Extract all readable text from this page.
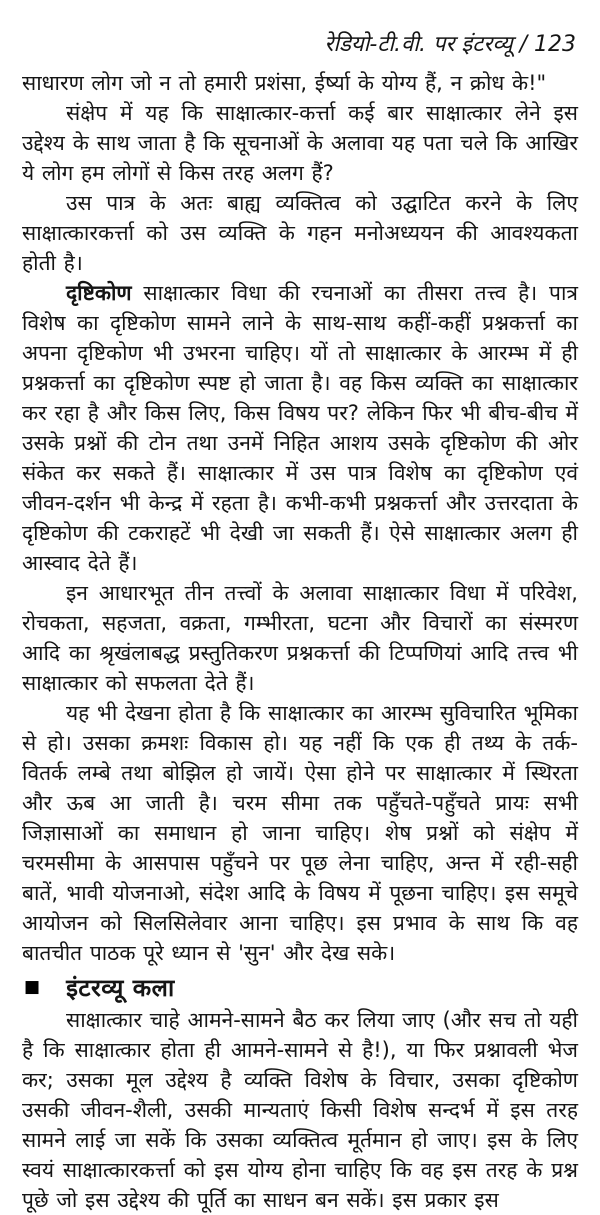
रेडियो-टी.वी. पर इंटरव्यू / 123

साधारण लोग जो न तो हमारी प्रशंसा, ईर्ष्या के योग्य हैं, न क्रोध के!"

संक्षेप में यह कि साक्षात्कार-कर्त्ता कई बार साक्षात्कार लेने इस उद्देश्य के साथ जाता है कि सूचनाओं के अलावा यह पता चले कि आखिर ये लोग हम लोगों से किस तरह अलग हैं?

उस पात्र के अतः बाह्य व्यक्तित्व को उद्घाटित करने के लिए साक्षात्कारकर्त्ता को उस व्यक्ति के गहन मनोअध्ययन की आवश्यकता होती है।

दृष्टिकोण साक्षात्कार विधा की रचनाओं का तीसरा तत्त्व है। पात्र विशेष का दृष्टिकोण सामने लाने के साथ-साथ कहीं-कहीं प्रश्नकर्त्ता का अपना दृष्टिकोण भी उभरना चाहिए। यों तो साक्षात्कार के आरम्भ में ही प्रश्नकर्त्ता का दृष्टिकोण स्पष्ट हो जाता है। वह किस व्यक्ति का साक्षात्कार कर रहा है और किस लिए, किस विषय पर? लेकिन फिर भी बीच-बीच में उसके प्रश्नों की टोन तथा उनमें निहित आशय उसके दृष्टिकोण की ओर संकेत कर सकते हैं। साक्षात्कार में उस पात्र विशेष का दृष्टिकोण एवं जीवन-दर्शन भी केन्द्र में रहता है। कभी-कभी प्रश्नकर्त्ता और उत्तरदाता के दृष्टिकोण की टकराहटें भी देखी जा सकती हैं। ऐसे साक्षात्कार अलग ही आस्वाद देते हैं।

इन आधारभूत तीन तत्त्वों के अलावा साक्षात्कार विधा में परिवेश, रोचकता, सहजता, वक्रता, गम्भीरता, घटना और विचारों का संस्मरण आदि का श्रृखंलाबद्ध प्रस्तुतिकरण प्रश्नकर्त्ता की टिप्पणियां आदि तत्त्व भी साक्षात्कार को सफलता देते हैं।

यह भी देखना होता है कि साक्षात्कार का आरम्भ सुविचारित भूमिका से हो। उसका क्रमशः विकास हो। यह नहीं कि एक ही तथ्य के तर्क-वितर्क लम्बे तथा बोझिल हो जायें। ऐसा होने पर साक्षात्कार में स्थिरता और ऊब आ जाती है। चरम सीमा तक पहुँचते-पहुँचते प्रायः सभी जिज्ञासाओं का समाधान हो जाना चाहिए। शेष प्रश्नों को संक्षेप में चरमसीमा के आसपास पहुँचने पर पूछ लेना चाहिए, अन्त में रही-सही बातें, भावी योजनाओ, संदेश आदि के विषय में पूछना चाहिए। इस समूचे आयोजन को सिलसिलेवार आना चाहिए। इस प्रभाव के साथ कि वह बातचीत पाठक पूरे ध्यान से 'सुन' और देख सके।

■ इंटरव्यू कला

साक्षात्कार चाहे आमने-सामने बैठ कर लिया जाए (और सच तो यही है कि साक्षात्कार होता ही आमने-सामने से है!), या फिर प्रश्नावली भेज कर; उसका मूल उद्देश्य है व्यक्ति विशेष के विचार, उसका दृष्टिकोण उसकी जीवन-शैली, उसकी मान्यताएं किसी विशेष सन्दर्भ में इस तरह सामने लाई जा सकें कि उसका व्यक्तित्व मूर्तमान हो जाए। इस के लिए स्वयं साक्षात्कारकर्त्ता को इस योग्य होना चाहिए कि वह इस तरह के प्रश्न पूछे जो इस उद्देश्य की पूर्ति का साधन बन सकें। इस प्रकार इस
